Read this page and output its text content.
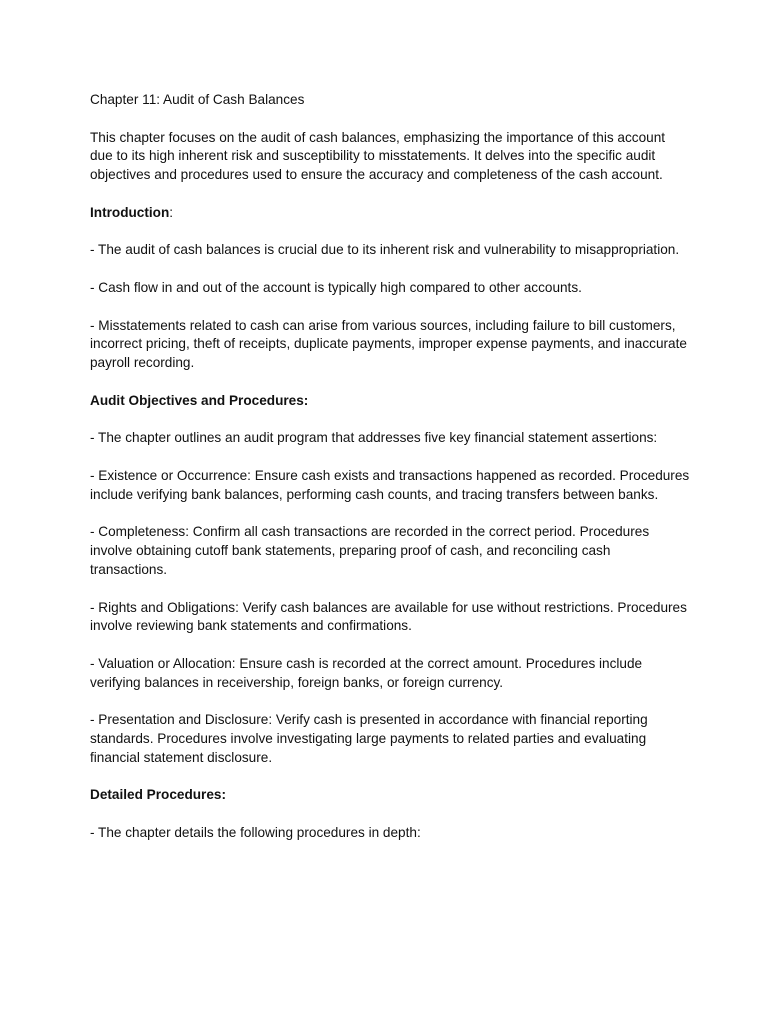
Chapter 11: Audit of Cash Balances

This chapter focuses on the audit of cash balances, emphasizing the importance of this account due to its high inherent risk and susceptibility to misstatements. It delves into the specific audit objectives and procedures used to ensure the accuracy and completeness of the cash account.

Introduction:

- The audit of cash balances is crucial due to its inherent risk and vulnerability to misappropriation.

- Cash flow in and out of the account is typically high compared to other accounts.

- Misstatements related to cash can arise from various sources, including failure to bill customers, incorrect pricing, theft of receipts, duplicate payments, improper expense payments, and inaccurate payroll recording.

Audit Objectives and Procedures:

- The chapter outlines an audit program that addresses five key financial statement assertions:

- Existence or Occurrence: Ensure cash exists and transactions happened as recorded. Procedures include verifying bank balances, performing cash counts, and tracing transfers between banks.

- Completeness: Confirm all cash transactions are recorded in the correct period. Procedures involve obtaining cutoff bank statements, preparing proof of cash, and reconciling cash transactions.

- Rights and Obligations: Verify cash balances are available for use without restrictions. Procedures involve reviewing bank statements and confirmations.

- Valuation or Allocation: Ensure cash is recorded at the correct amount. Procedures include verifying balances in receivership, foreign banks, or foreign currency.

- Presentation and Disclosure: Verify cash is presented in accordance with financial reporting standards. Procedures involve investigating large payments to related parties and evaluating financial statement disclosure.

Detailed Procedures:

- The chapter details the following procedures in depth:
